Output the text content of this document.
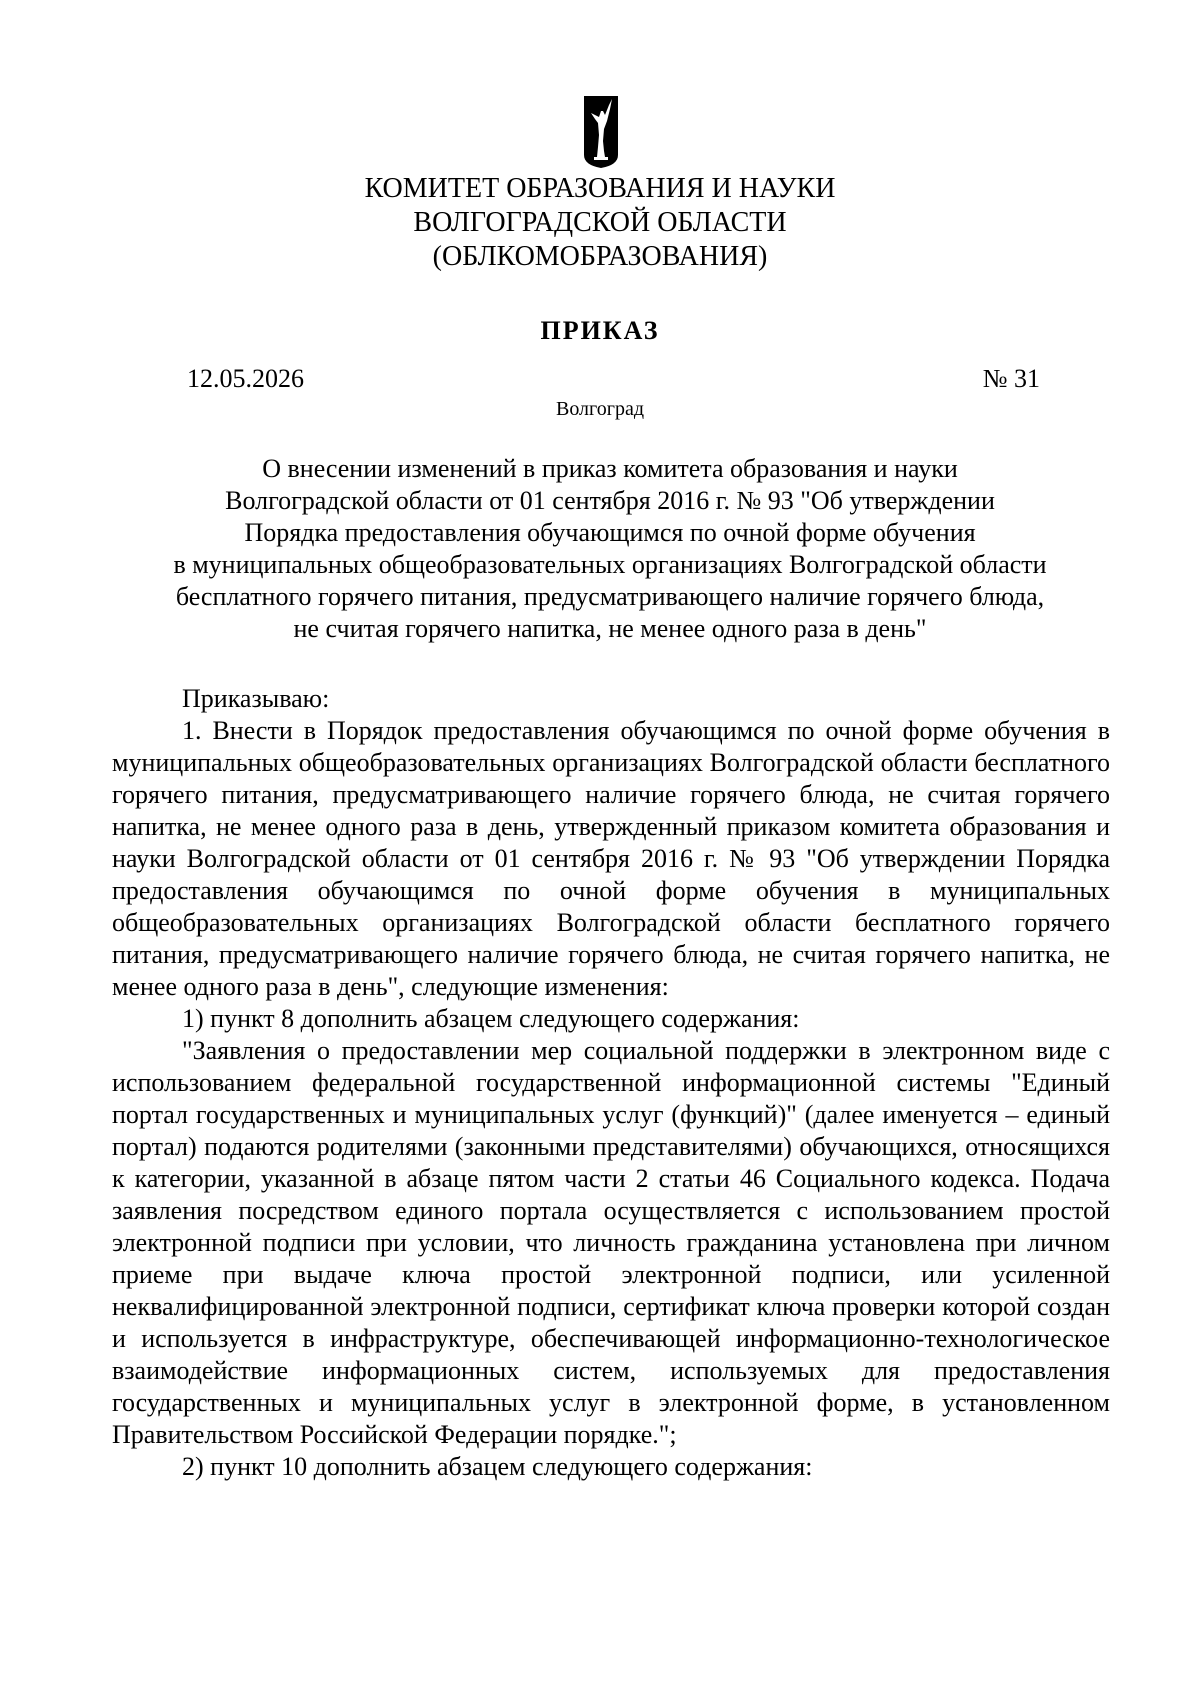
КОМИТЕТ ОБРАЗОВАНИЯ И НАУКИ
ВОЛГОГРАДСКОЙ ОБЛАСТИ
(ОБЛКОМОБРАЗОВАНИЯ)
ПРИКАЗ
12.05.2026	№ 31
Волгоград
О внесении изменений в приказ комитета образования и науки
Волгоградской области от 01 сентября 2016 г. № 93 "Об утверждении
Порядка предоставления обучающимся по очной форме обучения
в муниципальных общеобразовательных организациях Волгоградской области
бесплатного горячего питания, предусматривающего наличие горячего блюда,
не считая горячего напитка, не менее одного раза в день"

Приказываю:

1. Внести в Порядок предоставления обучающимся по очной форме обучения в муниципальных общеобразовательных организациях Волгоградской области бесплатного горячего питания, предусматривающего наличие горячего блюда, не считая горячего напитка, не менее одного раза в день, утвержденный приказом комитета образования и науки Волгоградской области от 01 сентября 2016 г. № 93 "Об утверждении Порядка предоставления обучающимся по очной форме обучения в муниципальных общеобразовательных организациях Волгоградской области бесплатного горячего питания, предусматривающего наличие горячего блюда, не считая горячего напитка, не менее одного раза в день", следующие изменения:

1) пункт 8 дополнить абзацем следующего содержания:

"Заявления о предоставлении мер социальной поддержки в электронном виде с использованием федеральной государственной информационной системы "Единый портал государственных и муниципальных услуг (функций)" (далее именуется – единый портал) подаются родителями (законными представителями) обучающихся, относящихся к категории, указанной в абзаце пятом части 2 статьи 46 Социального кодекса. Подача заявления посредством единого портала осуществляется с использованием простой электронной подписи при условии, что личность гражданина установлена при личном приеме при выдаче ключа простой электронной подписи, или усиленной неквалифицированной электронной подписи, сертификат ключа проверки которой создан и используется в инфраструктуре, обеспечивающей информационно-технологическое взаимодействие информационных систем, используемых для предоставления государственных и муниципальных услуг в электронной форме, в установленном Правительством Российской Федерации порядке.";

2) пункт 10 дополнить абзацем следующего содержания:
